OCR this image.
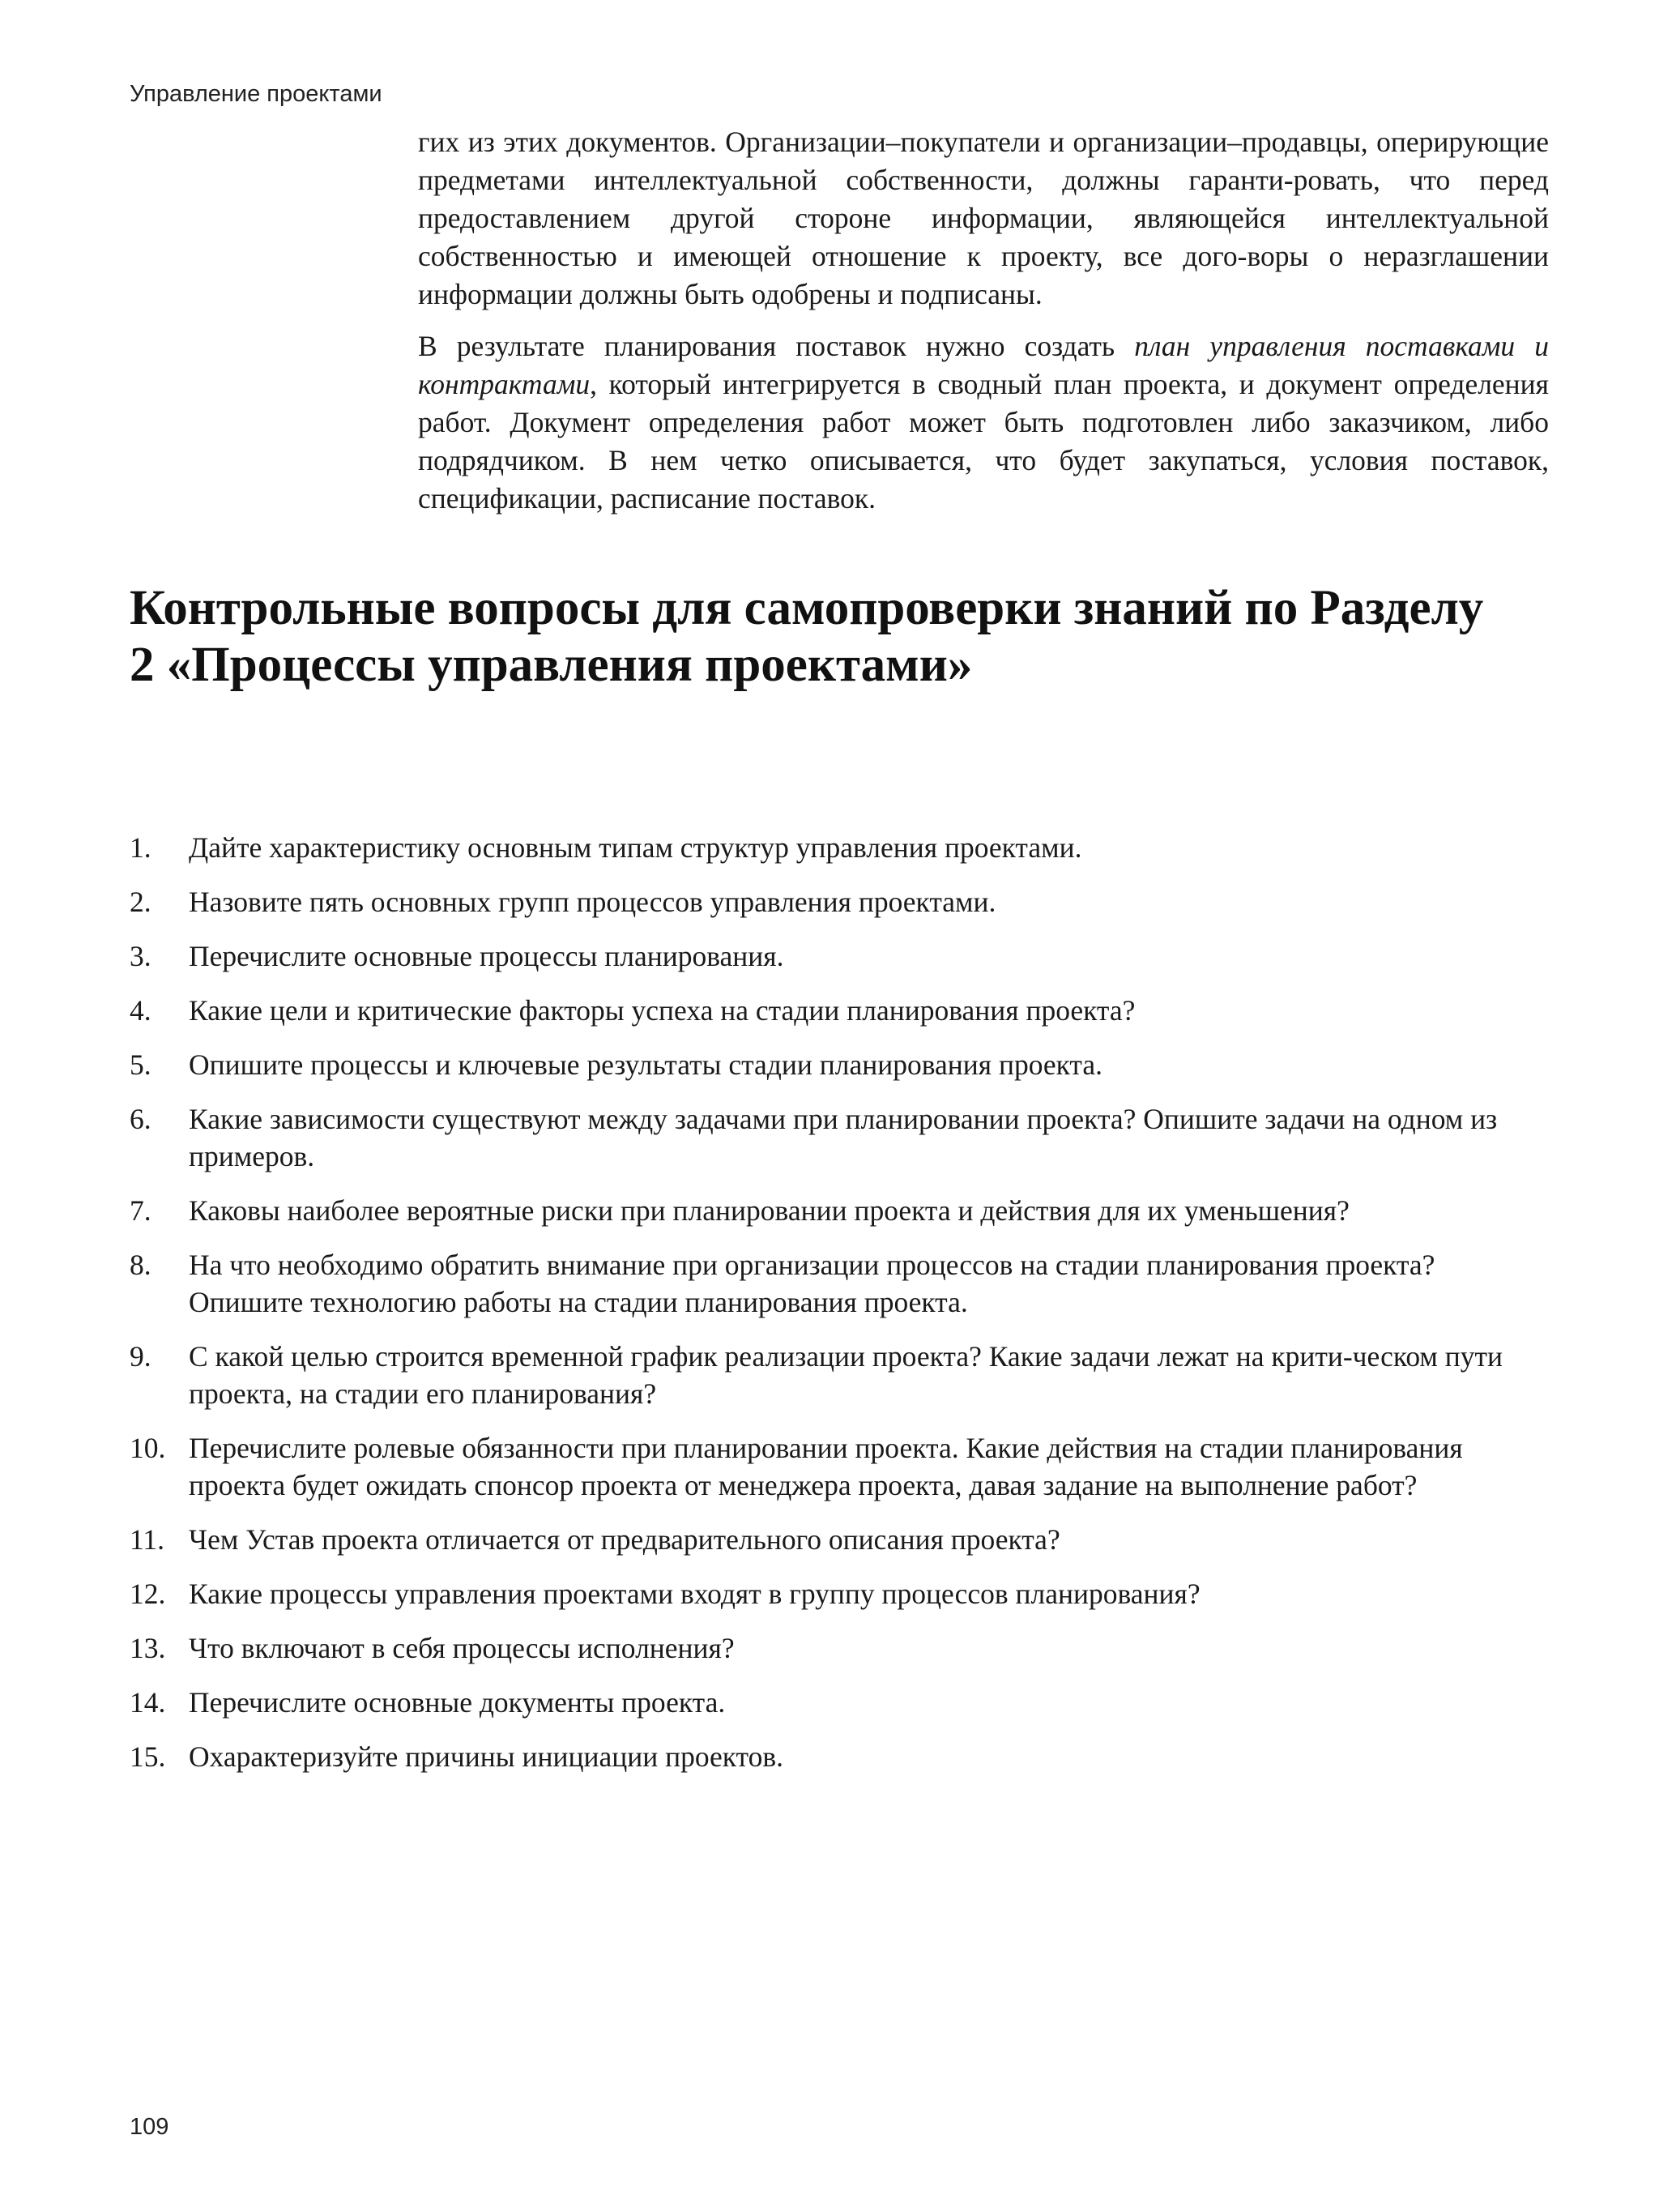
Управление проектами

гих из этих документов. Организации–покупатели и организации–продавцы, оперирующие предметами интеллектуальной собственности, должны гаранти-ровать, что перед предоставлением другой стороне информации, являющейся интеллектуальной собственностью и имеющей отношение к проекту, все дого-воры о неразглашении информации должны быть одобрены и подписаны.

В результате планирования поставок нужно создать план управления поставками и контрактами, который интегрируется в сводный план проекта, и документ определения работ. Документ определения работ может быть подготовлен либо заказчиком, либо подрядчиком. В нем четко описывается, что будет закупаться, условия поставок, спецификации, расписание поставок.

Контрольные вопросы для самопроверки знаний по Разделу 2 «Процессы управления проектами»
1.	Дайте характеристику основным типам структур управления проектами.
2.	Назовите пять основных групп процессов управления проектами.
3.	Перечислите основные процессы планирования.
4.	Какие цели и критические факторы успеха на стадии планирования проекта?
5.	Опишите процессы и ключевые результаты стадии планирования проекта.
6.	Какие зависимости существуют между задачами при планировании проекта? Опишите задачи на одном из примеров.
7.	Каковы наиболее вероятные риски при планировании проекта и действия для их уменьшения?
8.	На что необходимо обратить внимание при организации процессов на стадии планирования проекта? Опишите технологию работы на стадии планирования проекта.
9.	С какой целью строится временной график реализации проекта? Какие задачи лежат на крити-ческом пути проекта, на стадии его планирования?
10. Перечислите ролевые обязанности при планировании проекта. Какие действия на стадии планирования проекта будет ожидать спонсор проекта от менеджера проекта, давая задание на выполнение работ?
11. Чем Устав проекта отличается от предварительного описания проекта?
12. Какие процессы управления проектами входят в группу процессов планирования?
13. Что включают в себя процессы исполнения?
14. Перечислите основные документы проекта.
15. Охарактеризуйте причины инициации проектов.
109
